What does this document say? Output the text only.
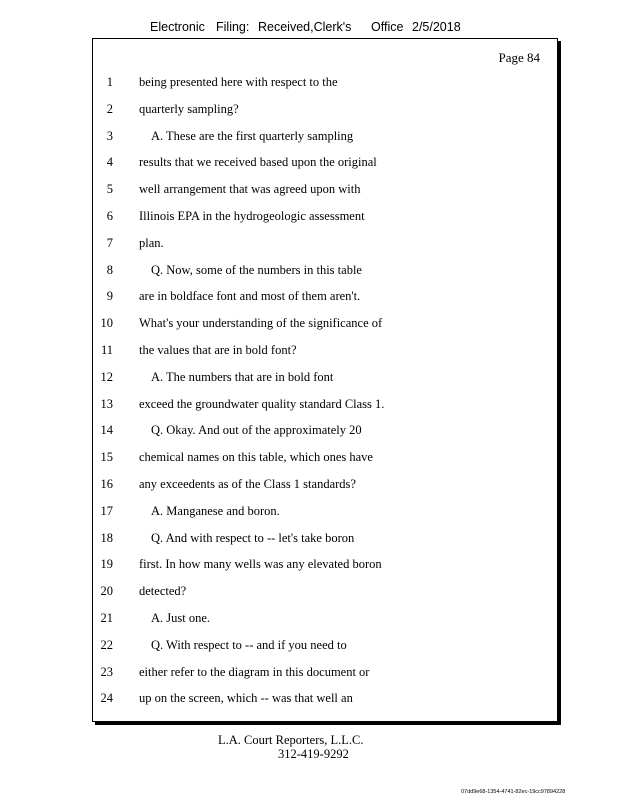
Electronic Filing: Received,Clerk's Office 2/5/2018
Page 84
1 being presented here with respect to the
2 quarterly sampling?
3	A. These are the first quarterly sampling
4 results that we received based upon the original
5 well arrangement that was agreed upon with
6 Illinois EPA in the hydrogeologic assessment
7 plan.
8	Q. Now, some of the numbers in this table
9 are in boldface font and most of them aren't.
10 What's your understanding of the significance of
11 the values that are in bold font?
12	A. The numbers that are in bold font
13 exceed the groundwater quality standard Class 1.
14	Q. Okay. And out of the approximately 20
15 chemical names on this table, which ones have
16 any exceedents as of the Class 1 standards?
17	A. Manganese and boron.
18	Q. And with respect to -- let's take boron
19 first. In how many wells was any elevated boron
20 detected?
21	A. Just one.
22	Q. With respect to -- and if you need to
23 either refer to the diagram in this document or
24 up on the screen, which -- was that well an
L.A. Court Reporters, L.L.C.
312-419-9292
07dd9e68-1354-4741-82ec-19cc97894228
